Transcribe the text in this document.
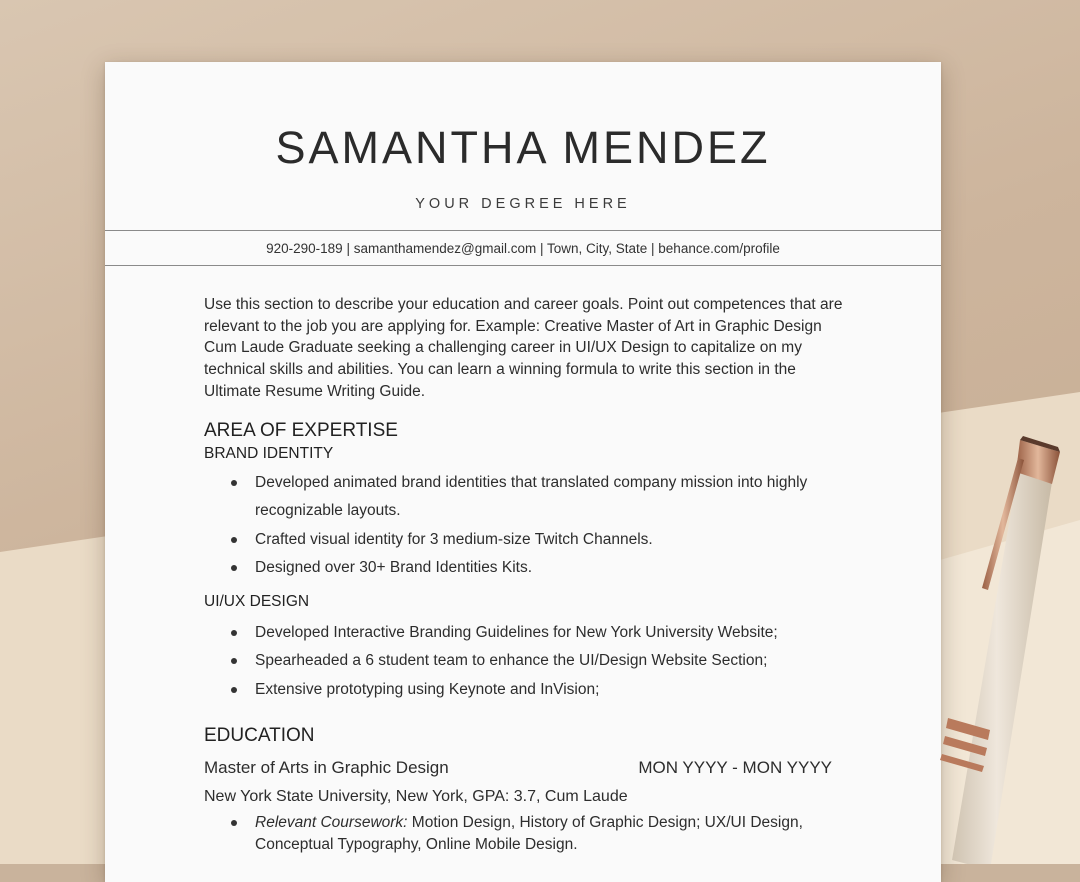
SAMANTHA MENDEZ
YOUR DEGREE HERE
920-290-189 | samanthamendez@gmail.com | Town, City, State | behance.com/profile

Use this section to describe your education and career goals. Point out competences that are relevant to the job you are applying for. Example: Creative Master of Art in Graphic Design Cum Laude Graduate seeking a challenging career in UI/UX Design to capitalize on my technical skills and abilities. You can learn a winning formula to write this section in the Ultimate Resume Writing Guide.

AREA OF EXPERTISE
BRAND IDENTITY
Developed animated brand identities that translated company mission into highly recognizable layouts.
Crafted visual identity for 3 medium-size Twitch Channels.
Designed over 30+ Brand Identities Kits.
UI/UX DESIGN
Developed Interactive Branding Guidelines for New York University Website;
Spearheaded a 6 student team to enhance the UI/Design Website Section;
Extensive prototyping using Keynote and InVision;
EDUCATION
Master of Arts in Graphic Design	MON YYYY - MON YYYY
New York State University, New York, GPA: 3.7, Cum Laude
Relevant Coursework: Motion Design, History of Graphic Design; UX/UI Design, Conceptual Typography, Online Mobile Design.
